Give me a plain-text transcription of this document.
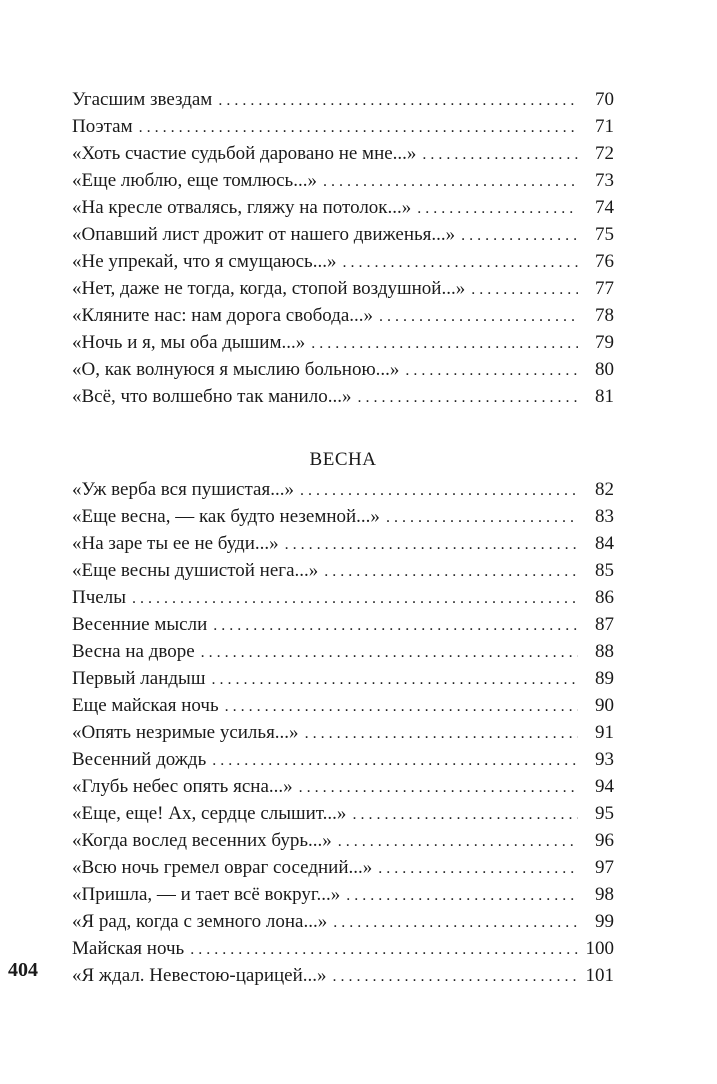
Угасшим звездам . . .	70
Поэтам . . .	71
«Хоть счастие судьбой даровано не мне...» . . .	72
«Еще люблю, еще томлюсь...» . . .	73
«На кресле отвалясь, гляжу на потолок...» . . .	74
«Опавший лист дрожит от нашего движенья...» . . .	75
«Не упрекай, что я смущаюсь...» . . .	76
«Нет, даже не тогда, когда, стопой воздушной...» . . .	77
«Кляните нас: нам дорога свобода...» . . .	78
«Ночь и я, мы оба дышим...» . . .	79
«О, как волнуюся я мыслию больною...» . . .	80
«Всё, что волшебно так манило...» . . .	81
ВЕСНА
«Уж верба вся пушистая...» . . .	82
«Еще весна, — как будто неземной...» . . .	83
«На заре ты ее не буди...» . . .	84
«Еще весны душистой нега...» . . .	85
Пчелы . . .	86
Весенние мысли . . .	87
Весна на дворе . . .	88
Первый ландыш . . .	89
Еще майская ночь . . .	90
«Опять незримые усилья...» . . .	91
Весенний дождь . . .	93
«Глубь небес опять ясна...» . . .	94
«Еще, еще! Ах, сердце слышит...» . . .	95
«Когда вослед весенних бурь...» . . .	96
«Всю ночь гремел овраг соседний...» . . .	97
«Пришла, — и тает всё вокруг...» . . .	98
«Я рад, когда с земного лона...» . . .	99
Майская ночь . . .	100
«Я ждал. Невестою-царицей...» . . .	101
404
